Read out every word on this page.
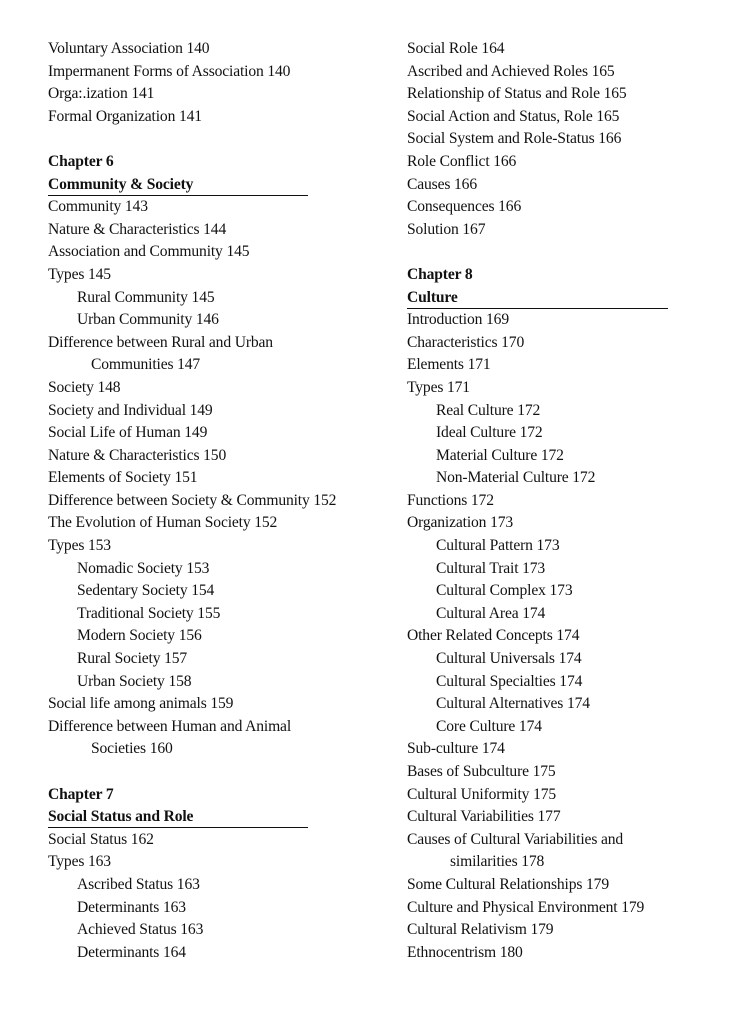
Voluntary Association 140
Impermanent Forms of Association 140
Orga:.ization 141
Formal Organization 141
Chapter 6
Community & Society
Community 143
Nature & Characteristics 144
Association and Community 145
Types 145
Rural Community 145
Urban Community 146
Difference between Rural and Urban
Communities 147
Society 148
Society and Individual 149
Social Life of Human 149
Nature & Characteristics 150
Elements of Society 151
Difference between Society & Community 152
The Evolution of Human Society 152
Types 153
Nomadic Society 153
Sedentary Society 154
Traditional Society 155
Modern Society 156
Rural Society 157
Urban Society 158
Social life among animals 159
Difference between Human and Animal
Societies 160
Chapter 7
Social Status and Role
Social Status 162
Types 163
Ascribed Status 163
Determinants 163
Achieved Status 163
Determinants 164
Social Role 164
Ascribed and Achieved Roles 165
Relationship of Status and Role 165
Social Action and Status, Role 165
Social System and Role-Status 166
Role Conflict 166
Causes 166
Consequences 166
Solution 167
Chapter 8
Culture
Introduction 169
Characteristics 170
Elements 171
Types 171
Real Culture 172
Ideal Culture 172
Material Culture 172
Non-Material Culture 172
Functions 172
Organization 173
Cultural Pattern 173
Cultural Trait 173
Cultural Complex 173
Cultural Area 174
Other Related Concepts 174
Cultural Universals 174
Cultural Specialties 174
Cultural Alternatives 174
Core Culture 174
Sub-culture 174
Bases of Subculture 175
Cultural Uniformity 175
Cultural Variabilities 177
Causes of Cultural Variabilities and
similarities 178
Some Cultural Relationships 179
Culture and Physical Environment 179
Cultural Relativism 179
Ethnocentrism 180
